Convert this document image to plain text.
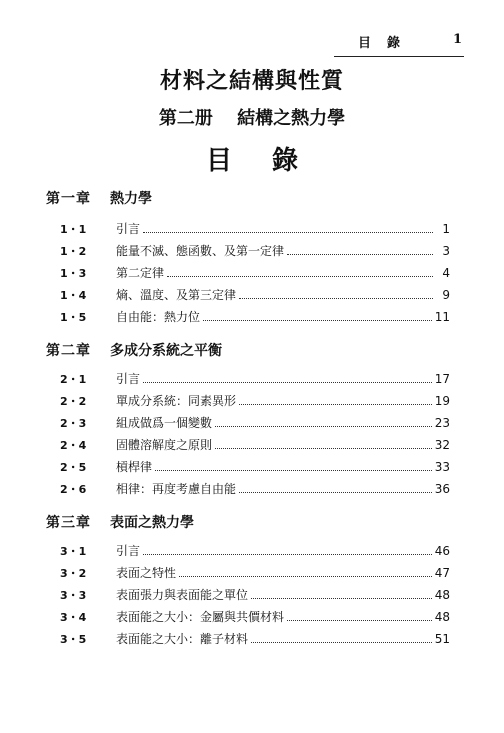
目錄	1
材料之結構與性質
第二册 結構之熱力學
目錄
第一章 熱力學
1・1	引言	1
1・2	能量不滅、態函數、及第一定律	3
1・3	第二定律	4
1・4	熵、溫度、及第三定律	9
1・5	自由能：熱力位	11
第二章 多成分系統之平衡
2・1	引言	17
2・2	單成分系統：同素異形	19
2・3	組成做爲一個變數	23
2・4	固體溶解度之原則	32
2・5	槓桿律	33
2・6	相律：再度考慮自由能	36
第三章 表面之熱力學
3・1	引言	46
3・2	表面之特性	47
3・3	表面張力與表面能之單位	48
3・4	表面能之大小：金屬與共價材料	48
3・5	表面能之大小：離子材料	51
